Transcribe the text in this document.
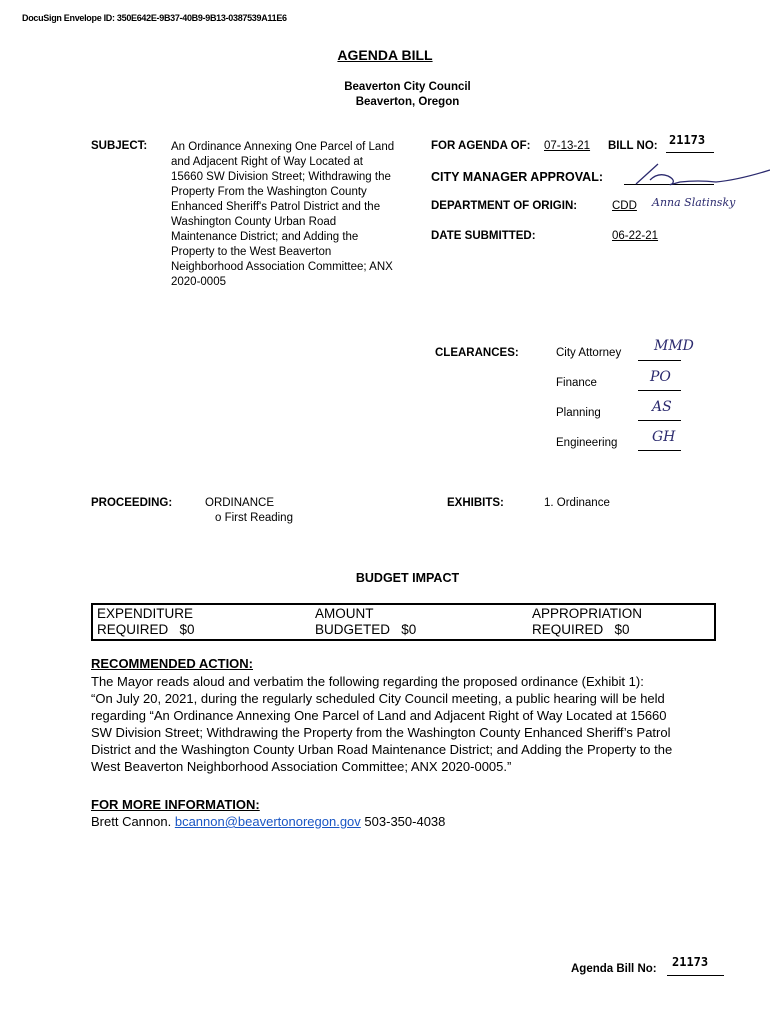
DocuSign Envelope ID: 350E642E-9B37-40B9-9B13-0387539A11E6
AGENDA BILL
Beaverton City Council
Beaverton, Oregon
SUBJECT: An Ordinance Annexing One Parcel of Land
and Adjacent Right of Way Located at
15660 SW Division Street; Withdrawing the
Property From the Washington County
Enhanced Sheriff's Patrol District and the
Washington County Urban Road
Maintenance District; and Adding the
Property to the West Beaverton
Neighborhood Association Committee; ANX
2020-0005
FOR AGENDA OF: 07-13-21 BILL NO: 21173
CITY MANAGER APPROVAL:
DEPARTMENT OF ORIGIN:	CDD Anna Slatinsky
DATE SUBMITTED:	06-22-21
CLEARANCES:	City Attorney MMD
Finance	PO
Planning	AS
Engineering GH
PROCEEDING:	ORDINANCE
o First Reading
EXHIBITS:	1. Ordinance
BUDGET IMPACT
EXPENDITURE
REQUIRED   $0
AMOUNT
BUDGETED   $0
APPROPRIATION
REQUIRED   $0
RECOMMENDED ACTION:
The Mayor reads aloud and verbatim the following regarding the proposed ordinance (Exhibit 1):
“On July 20, 2021, during the regularly scheduled City Council meeting, a public hearing will be held
regarding “An Ordinance Annexing One Parcel of Land and Adjacent Right of Way Located at 15660
SW Division Street; Withdrawing the Property from the Washington County Enhanced Sheriff’s Patrol
District and the Washington County Urban Road Maintenance District; and Adding the Property to the
West Beaverton Neighborhood Association Committee; ANX 2020-0005.”
FOR MORE INFORMATION:
Brett Cannon. bcannon@beavertonoregon.gov 503-350-4038
Agenda Bill No: 21173
